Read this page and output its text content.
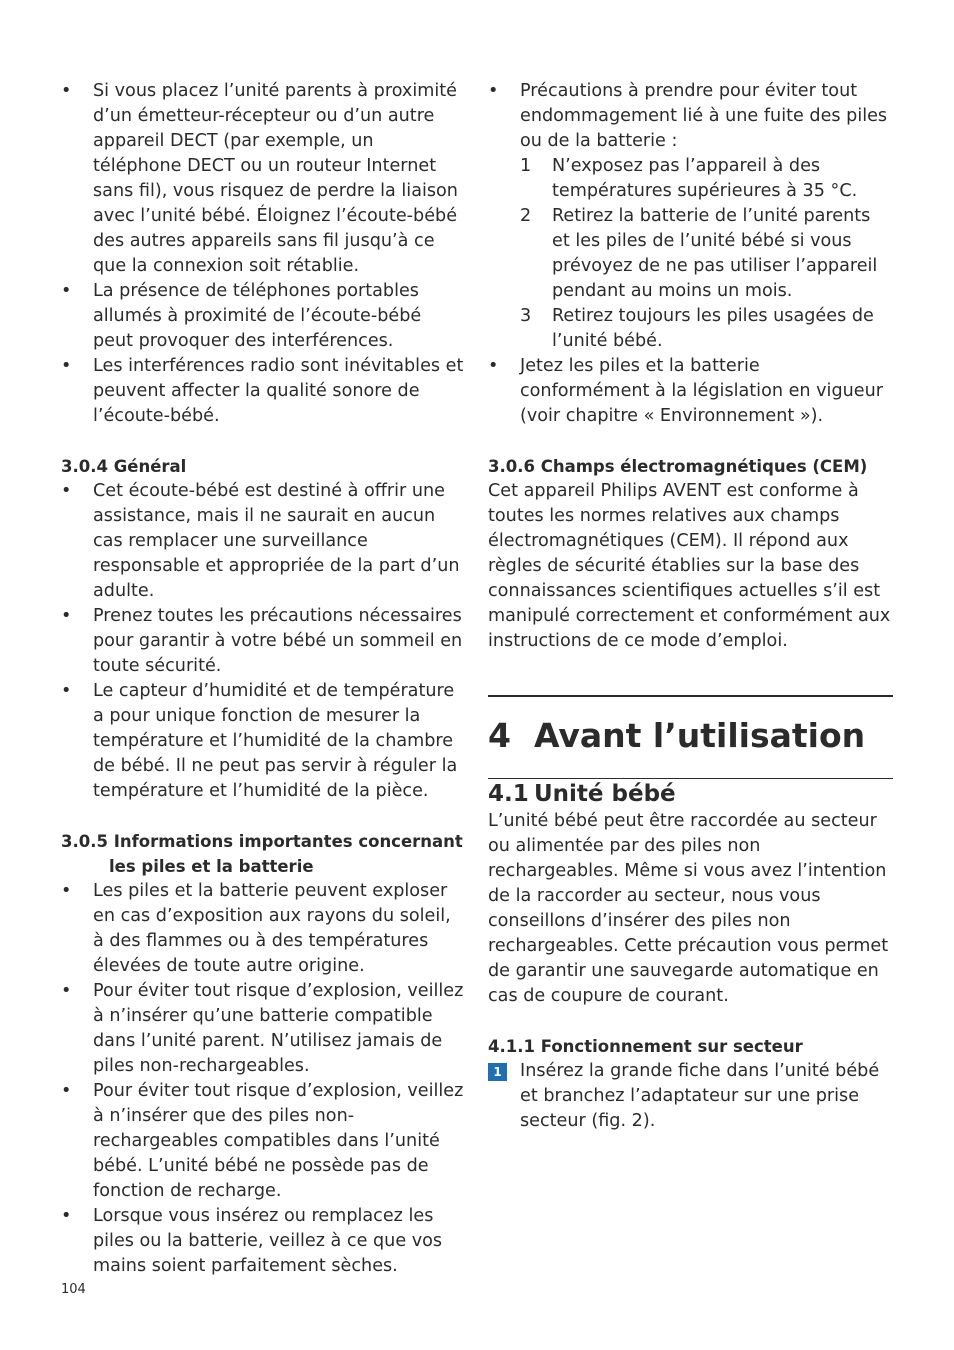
• Si vous placez l’unité parents à proximité d’un émetteur-récepteur ou d’un autre appareil DECT (par exemple, un téléphone DECT ou un routeur Internet sans fil), vous risquez de perdre la liaison avec l’unité bébé. Éloignez l’écoute-bébé des autres appareils sans fil jusqu’à ce que la connexion soit rétablie.
• La présence de téléphones portables allumés à proximité de l’écoute-bébé peut provoquer des interférences.
• Les interférences radio sont inévitables et peuvent affecter la qualité sonore de l’écoute-bébé.
3.0.4 Général
• Cet écoute-bébé est destiné à offrir une assistance, mais il ne saurait en aucun cas remplacer une surveillance responsable et appropriée de la part d’un adulte.
• Prenez toutes les précautions nécessaires pour garantir à votre bébé un sommeil en toute sécurité.
• Le capteur d’humidité et de température a pour unique fonction de mesurer la température et l’humidité de la chambre de bébé. Il ne peut pas servir à réguler la température et l’humidité de la pièce.
3.0.5 Informations importantes concernant
les piles et la batterie
• Les piles et la batterie peuvent exploser en cas d’exposition aux rayons du soleil, à des flammes ou à des températures élevées de toute autre origine.
• Pour éviter tout risque d’explosion, veillez à n’insérer qu’une batterie compatible dans l’unité parent. N’utilisez jamais de piles non-rechargeables.
• Pour éviter tout risque d’explosion, veillez à n’insérer que des piles non-rechargeables compatibles dans l’unité bébé. L’unité bébé ne possède pas de fonction de recharge.
• Lorsque vous insérez ou remplacez les piles ou la batterie, veillez à ce que vos mains soient parfaitement sèches.
• Précautions à prendre pour éviter tout endommagement lié à une fuite des piles ou de la batterie :
1 N’exposez pas l’appareil à des températures supérieures à 35 °C.
2 Retirez la batterie de l’unité parents et les piles de l’unité bébé si vous prévoyez de ne pas utiliser l’appareil pendant au moins un mois.
3 Retirez toujours les piles usagées de l’unité bébé.
• Jetez les piles et la batterie conformément à la législation en vigueur (voir chapitre « Environnement »).
3.0.6 Champs électromagnétiques (CEM)

Cet appareil Philips AVENT est conforme à toutes les normes relatives aux champs électromagnétiques (CEM). Il répond aux règles de sécurité établies sur la base des connaissances scientifiques actuelles s’il est manipulé correctement et conformément aux instructions de ce mode d’emploi.

4 Avant l’utilisation
4.1 Unité bébé

L’unité bébé peut être raccordée au secteur ou alimentée par des piles non rechargeables. Même si vous avez l’intention de la raccorder au secteur, nous vous conseillons d’insérer des piles non rechargeables. Cette précaution vous permet de garantir une sauvegarde automatique en cas de coupure de courant.

4.1.1 Fonctionnement sur secteur
1	Insérez la grande fiche dans l’unité bébé et branchez l’adaptateur sur une prise secteur (fig. 2).
104
